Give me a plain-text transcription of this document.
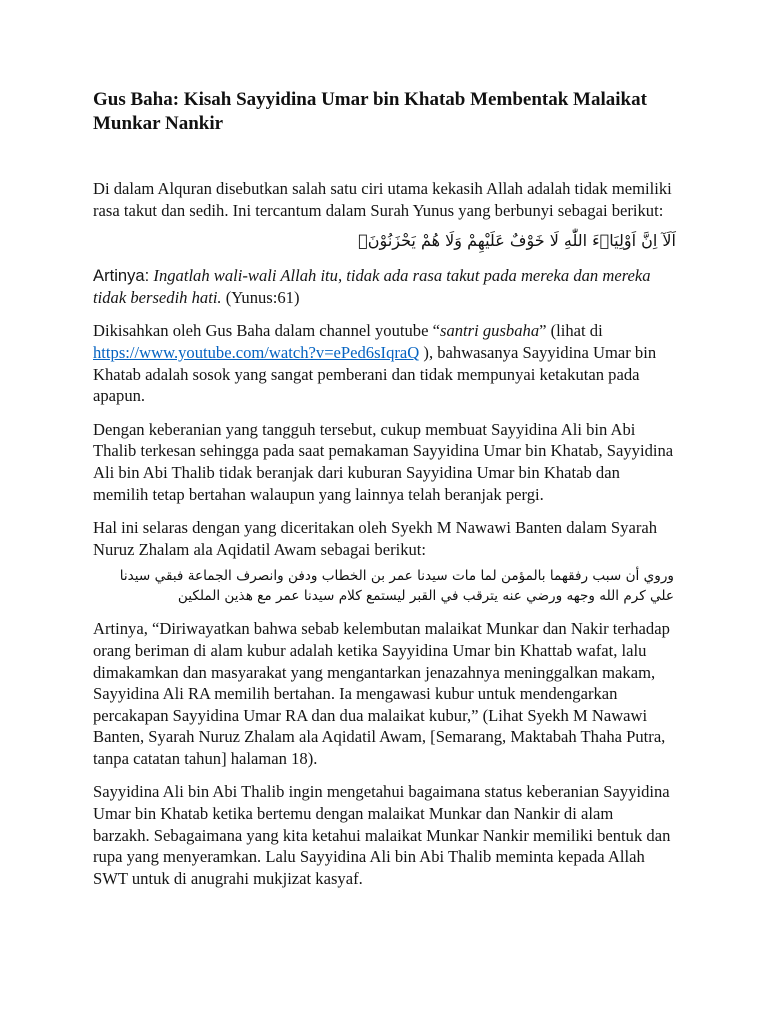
Gus Baha: Kisah Sayyidina Umar bin Khatab Membentak Malaikat Munkar Nankir

Di dalam Alquran disebutkan salah satu ciri utama kekasih Allah adalah tidak memiliki rasa takut dan sedih. Ini tercantum dalam Surah Yunus yang berbunyi sebagai berikut:

اَلَآ اِنَّ اَوْلِيَاۤءَ اللّٰهِ لَا خَوْفٌ عَلَيْهِمْ وَلَا هُمْ يَحْزَنُوْنَۚ

Artinya: Ingatlah wali-wali Allah itu, tidak ada rasa takut pada mereka dan mereka tidak bersedih hati. (Yunus:61)

Dikisahkan oleh Gus Baha dalam channel youtube “santri gusbaha” (lihat di https://www.youtube.com/watch?v=ePed6sIqraQ ), bahwasanya Sayyidina Umar bin Khatab adalah sosok yang sangat pemberani dan tidak mempunyai ketakutan pada apapun.

Dengan keberanian yang tangguh tersebut, cukup membuat Sayyidina Ali bin Abi Thalib terkesan sehingga pada saat pemakaman Sayyidina Umar bin Khatab, Sayyidina Ali bin Abi Thalib tidak beranjak dari kuburan Sayyidina Umar bin Khatab dan memilih tetap bertahan walaupun yang lainnya telah beranjak pergi.

Hal ini selaras dengan yang diceritakan oleh Syekh M Nawawi Banten dalam Syarah Nuruz Zhalam ala Aqidatil Awam sebagai berikut:

وروي أن سبب رفقهما بالمؤمن لما مات سيدنا عمر بن الخطاب ودفن وانصرف الجماعة فبقي سيدنا علي كرم الله وجهه ورضي عنه يترقب في القبر ليستمع كلام سيدنا عمر مع هذين الملكين

Artinya, “Diriwayatkan bahwa sebab kelembutan malaikat Munkar dan Nakir terhadap orang beriman di alam kubur adalah ketika Sayyidina Umar bin Khattab wafat, lalu dimakamkan dan masyarakat yang mengantarkan jenazahnya meninggalkan makam, Sayyidina Ali RA memilih bertahan. Ia mengawasi kubur untuk mendengarkan percakapan Sayyidina Umar RA dan dua malaikat kubur,” (Lihat Syekh M Nawawi Banten, Syarah Nuruz Zhalam ala Aqidatil Awam, [Semarang, Maktabah Thaha Putra, tanpa catatan tahun] halaman 18).

Sayyidina Ali bin Abi Thalib ingin mengetahui bagaimana status keberanian Sayyidina Umar bin Khatab ketika bertemu dengan malaikat Munkar dan Nankir di alam barzakh. Sebagaimana yang kita ketahui malaikat Munkar Nankir memiliki bentuk dan rupa yang menyeramkan. Lalu Sayyidina Ali bin Abi Thalib meminta kepada Allah SWT untuk di anugrahi mukjizat kasyaf.
